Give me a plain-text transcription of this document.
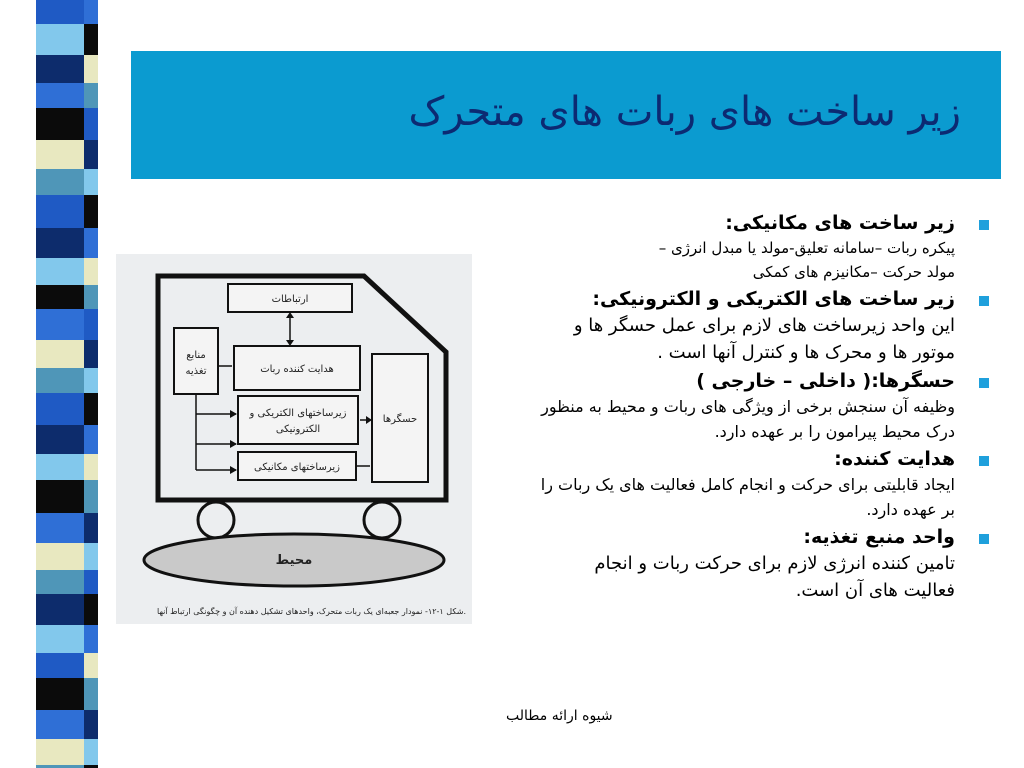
زیر ساخت های ربات های متحرک
ارتباطات
هدایت کننده ربات
زیرساختهای الکتریکی و
الکترونیکی
زیرساختهای مکانیکی
منابع
تغذیه
حسگرها
محیط
شکل ۱-۱۲- نمودار جعبه‌ای یک ربات متحرک، واحدهای تشکیل دهنده آن و چگونگی ارتباط آنها.
زیر ساخت های مکانیکی:
پیکره ربات –سامانه تعلیق-مولد یا مبدل انرژی –
مولد حرکت –مکانیزم های کمکی
زیر ساخت های الکتریکی و الکترونیکی:
این واحد زیرساخت های لازم برای عمل حسگر ها و
موتور ها و محرک ها و کنترل آنها است .
حسگرها:( داخلی – خارجی )
وظیفه آن سنجش برخی از ویژگی های ربات و محیط به منظور
درک محیط پیرامون را بر عهده دارد.
هدایت کننده:
ایجاد قابلیتی برای حرکت و انجام کامل فعالیت های یک ربات را
بر عهده دارد.
واحد منبع تغذیه:
تامین کننده انرژی لازم برای حرکت ربات و انجام
فعالیت های آن است.
شیوه ارائه مطالب
